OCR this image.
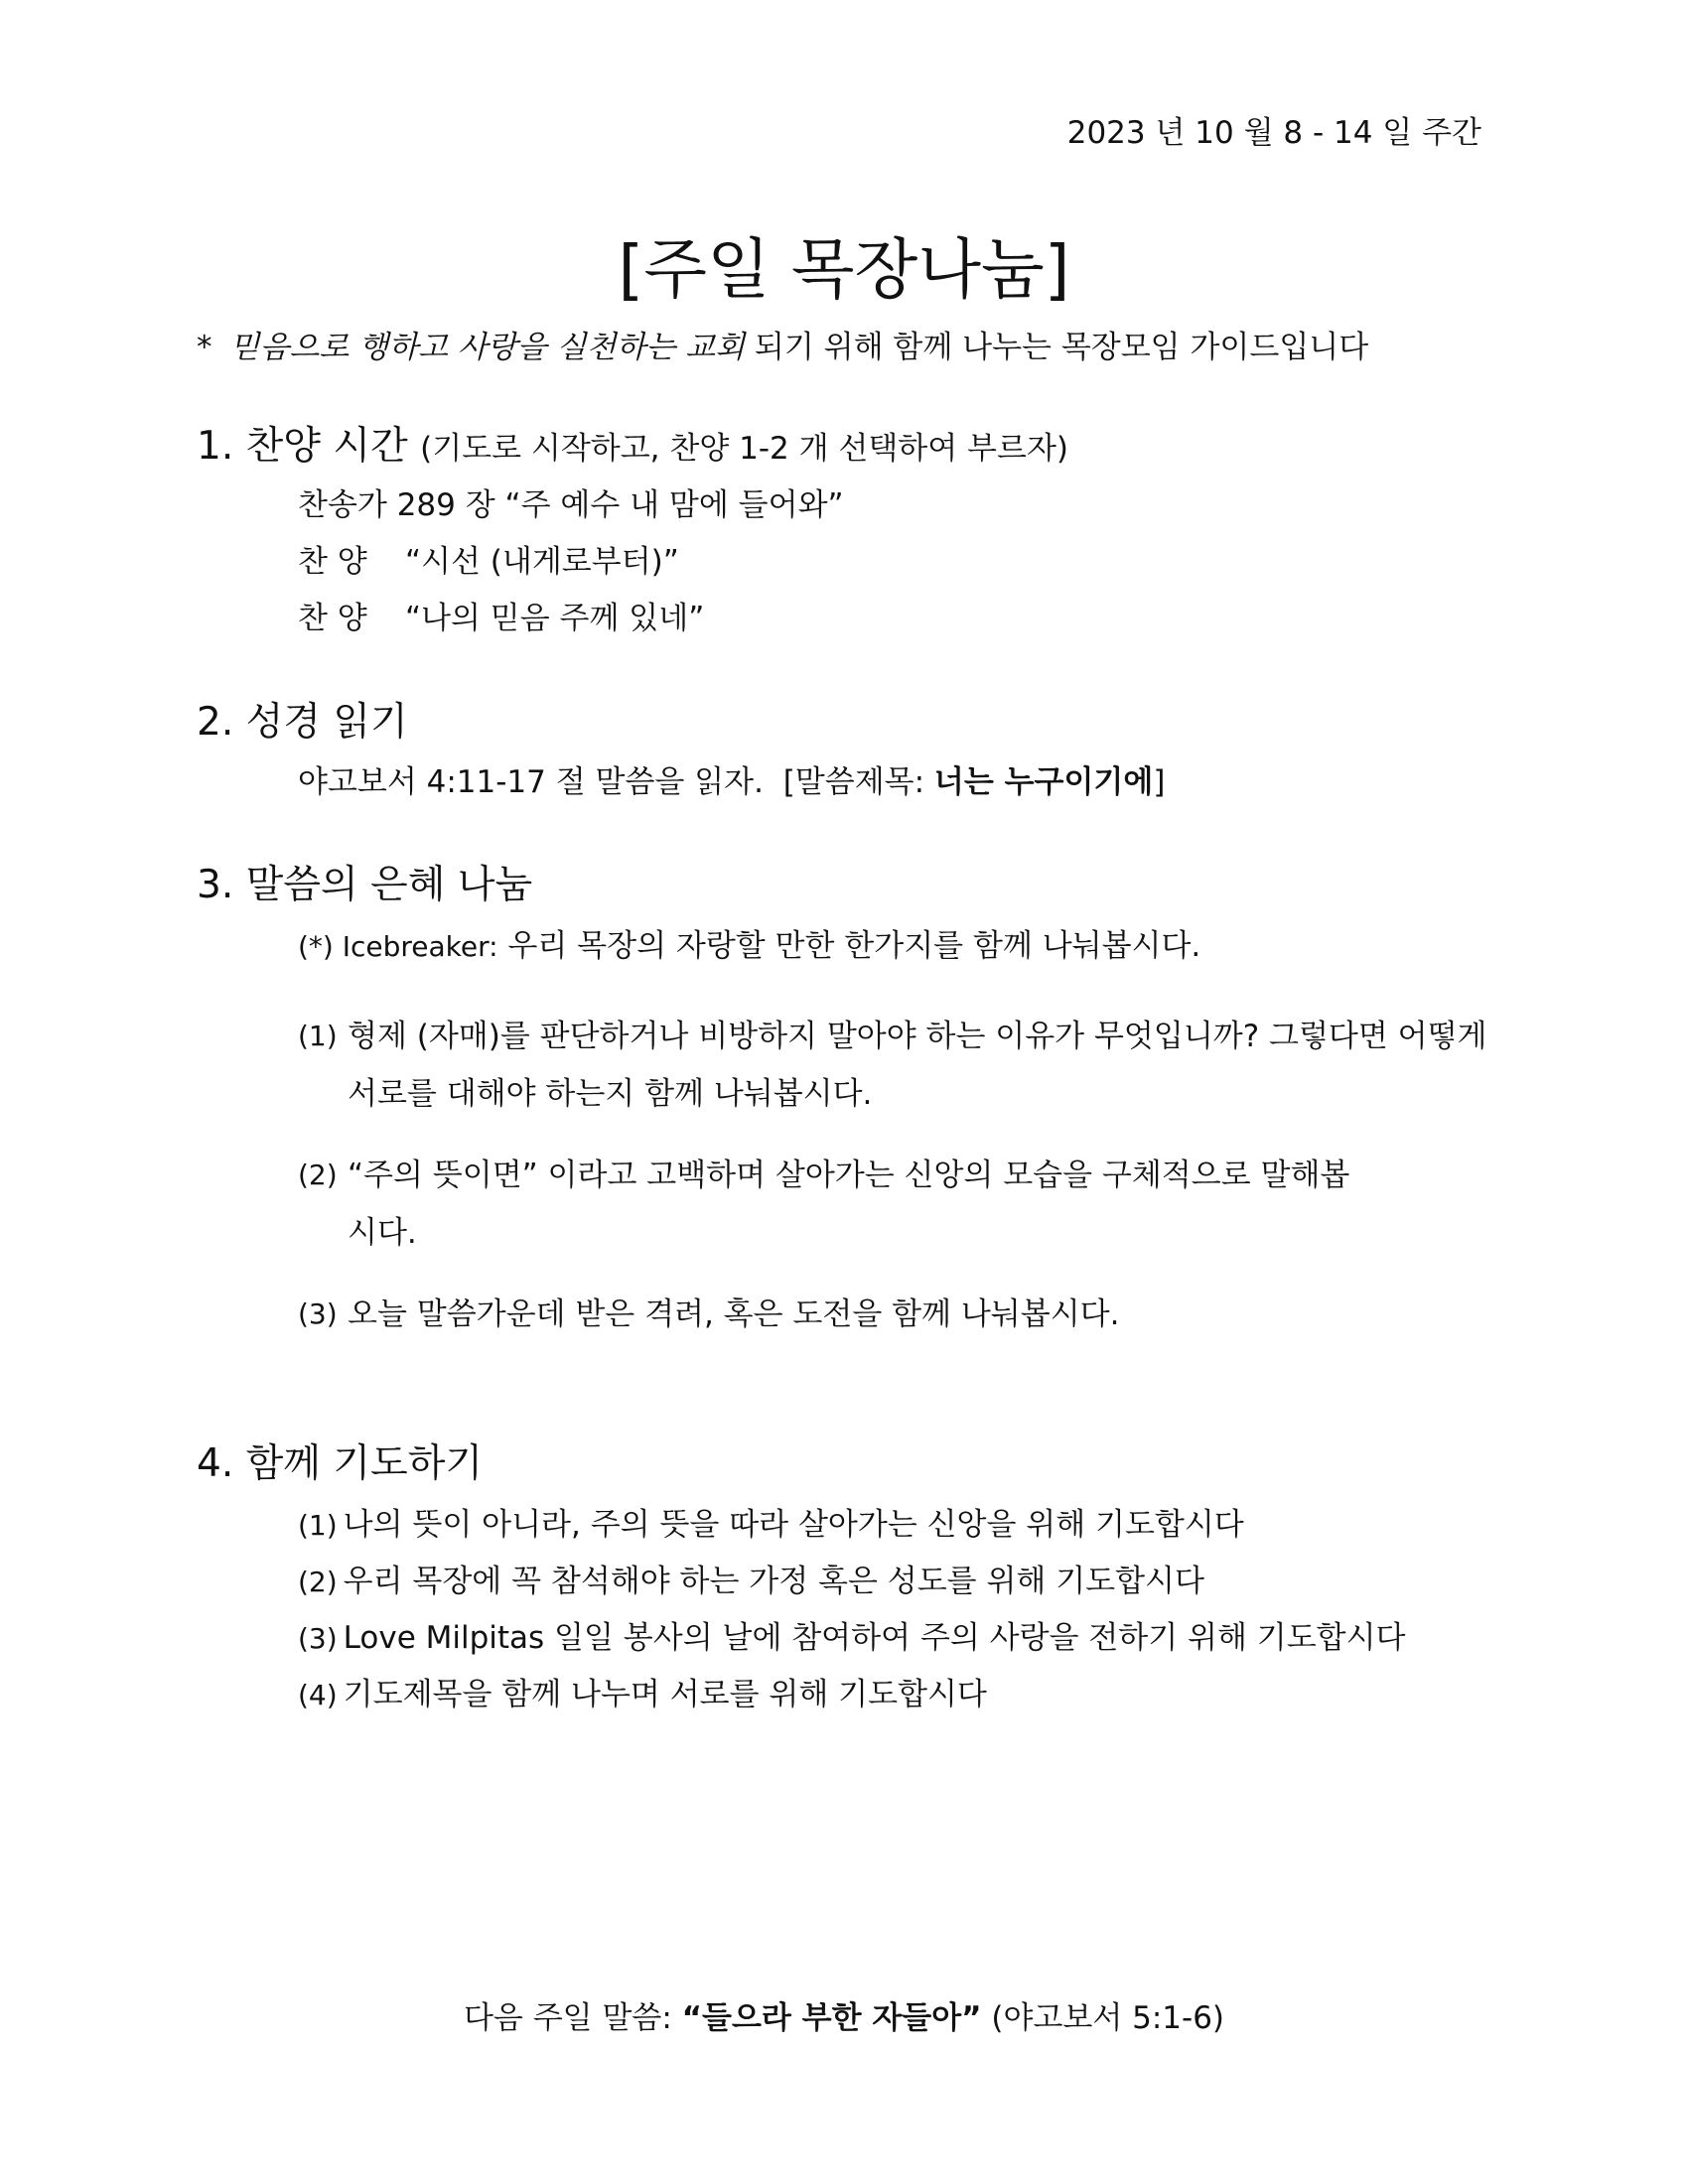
2023 년 10 월 8 - 14 일 주간
[주일 목장나눔]
* 믿음으로 행하고 사랑을 실천하는 교회 되기 위해 함께 나누는 목장모임 가이드입니다
1. 찬양 시간 (기도로 시작하고, 찬양 1-2 개 선택하여 부르자)
찬송가 289 장 “주 예수 내 맘에 들어와”
찬 양 “시선 (내게로부터)”
찬 양 “나의 믿음 주께 있네”
2. 성경 읽기
야고보서 4:11-17 절 말씀을 읽자. [말씀제목: 너는 누구이기에]
3. 말씀의 은혜 나눔
(*) Icebreaker: 우리 목장의 자랑할 만한 한가지를 함께 나눠봅시다.
(1) 형제 (자매)를 판단하거나 비방하지 말아야 하는 이유가 무엇입니까? 그렇다면 어떻게 서로를 대해야 하는지 함께 나눠봅시다.
(2) “주의 뜻이면” 이라고 고백하며 살아가는 신앙의 모습을 구체적으로 말해봅시다.
(3) 오늘 말씀가운데 받은 격려, 혹은 도전을 함께 나눠봅시다.
4. 함께 기도하기
(1) 나의 뜻이 아니라, 주의 뜻을 따라 살아가는 신앙을 위해 기도합시다
(2) 우리 목장에 꼭 참석해야 하는 가정 혹은 성도를 위해 기도합시다
(3) Love Milpitas 일일 봉사의 날에 참여하여 주의 사랑을 전하기 위해 기도합시다
(4) 기도제목을 함께 나누며 서로를 위해 기도합시다
다음 주일 말씀: “들으라 부한 자들아” (야고보서 5:1-6)
